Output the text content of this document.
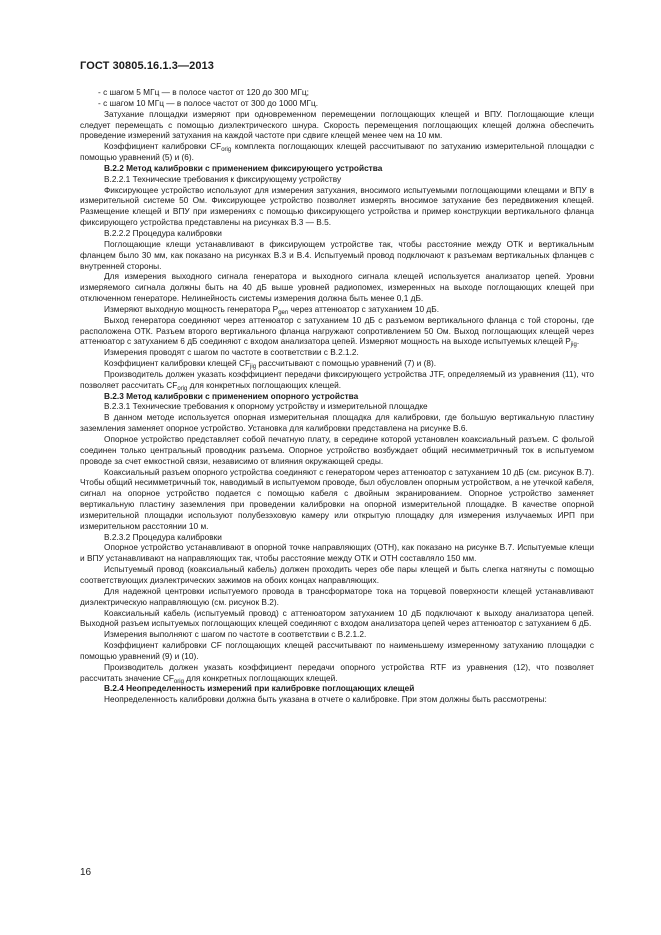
ГОСТ 30805.16.1.3—2013

- с шагом 5 МГц — в полосе частот от 120 до 300 МГц;

- с шагом 10 МГц — в полосе частот от 300 до 1000 МГц.

Затухание площадки измеряют при одновременном перемещении поглощающих клещей и ВПУ. Поглощающие клещи следует перемещать с помощью диэлектрического шнура. Скорость перемещения поглощающих клещей должна обеспечить проведение измерений затухания на каждой частоте при сдвиге клещей менее чем на 10 мм.

Коэффициент калибровки $CF_{orig}$ комплекта поглощающих клещей рассчитывают по затуханию измерительной площадки с помощью уравнений (5) и (6).

В.2.2 Метод калибровки с применением фиксирующего устройства

В.2.2.1 Технические требования к фиксирующему устройству

Фиксирующее устройство используют для измерения затухания, вносимого испытуемыми поглощающими клещами и ВПУ в измерительной системе 50 Ом. Фиксирующее устройство позволяет измерять вносимое затухание без передвижения клещей. Размещение клещей и ВПУ при измерениях с помощью фиксирующего устройства и пример конструкции вертикального фланца фиксирующего устройства представлены на рисунках В.3 — В.5.

В.2.2.2 Процедура калибровки

Поглощающие клещи устанавливают в фиксирующем устройстве так, чтобы расстояние между ОТК и вертикальным фланцем было 30 мм, как показано на рисунках В.3 и В.4. Испытуемый провод подключают к разъемам вертикальных фланцев с внутренней стороны.

Для измерения выходного сигнала генератора и выходного сигнала клещей используется анализатор цепей. Уровни измеряемого сигнала должны быть на 40 дБ выше уровней радиопомех, измеренных на выходе поглощающих клещей при отключенном генераторе. Нелинейность системы измерения должна быть менее 0,1 дБ.

Измеряют выходную мощность генератора $P_{gen}$ через аттенюатор с затуханием 10 дБ.

Выход генератора соединяют через аттенюатор с затуханием 10 дБ с разъемом вертикального фланца с той стороны, где расположена ОТК. Разъем второго вертикального фланца нагружают сопротивлением 50 Ом. Выход поглощающих клещей через аттенюатор с затуханием 6 дБ соединяют с входом анализатора цепей. Измеряют мощность на выходе испытуемых клещей $P_{jig}$.

Измерения проводят с шагом по частоте в соответствии с В.2.1.2.

Коэффициент калибровки клещей $CF_{jig}$ рассчитывают с помощью уравнений (7) и (8).

Производитель должен указать коэффициент передачи фиксирующего устройства JTF, определяемый из уравнения (11), что позволяет рассчитать $CF_{orig}$ для конкретных поглощающих клещей.

В.2.3 Метод калибровки с применением опорного устройства

В.2.3.1 Технические требования к опорному устройству и измерительной площадке

В данном методе используется опорная измерительная площадка для калибровки, где большую вертикальную пластину заземления заменяет опорное устройство. Установка для калибровки представлена на рисунке В.6.

Опорное устройство представляет собой печатную плату, в середине которой установлен коаксиальный разъем. С фольгой соединен только центральный проводник разъема. Опорное устройство возбуждает общий несимметричный ток в испытуемом проводе за счет емкостной связи, независимо от влияния окружающей среды.

Коаксиальный разъем опорного устройства соединяют с генератором через аттенюатор с затуханием 10 дБ (см. рисунок В.7). Чтобы общий несимметричный ток, наводимый в испытуемом проводе, был обусловлен опорным устройством, а не утечкой кабеля, сигнал на опорное устройство подается с помощью кабеля с двойным экранированием. Опорное устройство заменяет вертикальную пластину заземления при проведении калибровки на опорной измерительной площадке. В качестве опорной измерительной площадки используют полубезэховую камеру или открытую площадку для измерения излучаемых ИРП при измерительном расстоянии 10 м.

В.2.3.2 Процедура калибровки

Опорное устройство устанавливают в опорной точке направляющих (ОТН), как показано на рисунке В.7. Испытуемые клещи и ВПУ устанавливают на направляющих так, чтобы расстояние между ОТК и ОТН составляло 150 мм.

Испытуемый провод (коаксиальный кабель) должен проходить через обе пары клещей и быть слегка натянуты с помощью соответствующих диэлектрических зажимов на обоих концах направляющих.

Для надежной центровки испытуемого провода в трансформаторе тока на торцевой поверхности клещей устанавливают диэлектрическую направляющую (см. рисунок В.2).

Коаксиальный кабель (испытуемый провод) с аттенюатором затуханием 10 дБ подключают к выходу анализатора цепей. Выходной разъем испытуемых поглощающих клещей соединяют с входом анализатора цепей через аттенюатор с затуханием 6 дБ.

Измерения выполняют с шагом по частоте в соответствии с В.2.1.2.

Коэффициент калибровки CF поглощающих клещей рассчитывают по наименьшему измеренному затуханию площадки с помощью уравнений (9) и (10).

Производитель должен указать коэффициент передачи опорного устройства RTF из уравнения (12), что позволяет рассчитать значение $CF_{orig}$ для конкретных поглощающих клещей.

В.2.4 Неопределенность измерений при калибровке поглощающих клещей

Неопределенность калибровки должна быть указана в отчете о калибровке. При этом должны быть рассмотрены:

16
